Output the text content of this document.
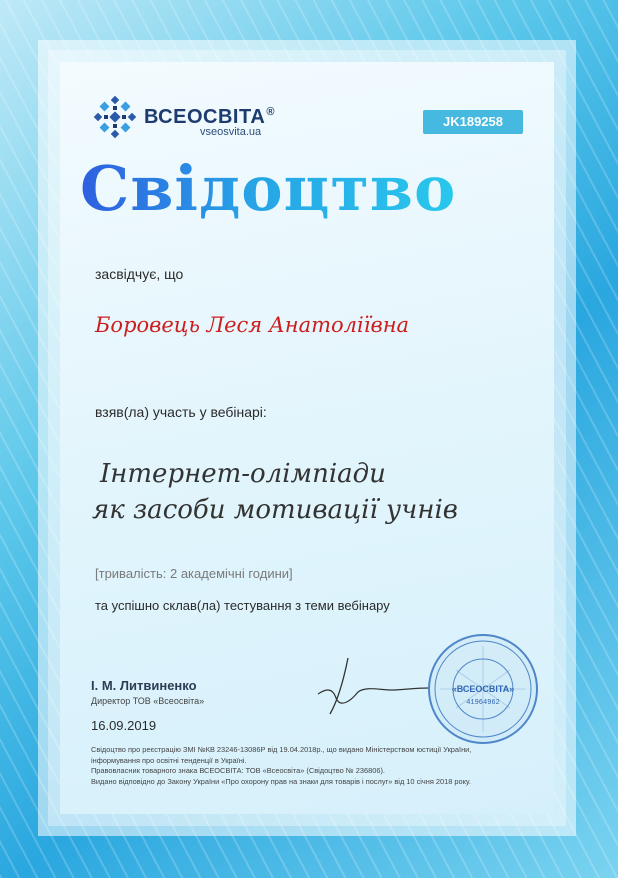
ВСЕОСВІТА®
vseosvita.ua
JK189258
Свідоцтво
засвідчує, що
Боровець Леся Анатоліївна
взяв(ла) участь у вебінарі:
Інтернет-олімпіади
як засоби мотивації учнів
[тривалість: 2 академічні години]
та успішно склав(ла) тестування з теми вебінару
І. М. Литвиненко
Директор ТОВ «Всеосвіта»
16.09.2019
«ВСЕОСВІТА»
41964962
Свідоцтво про реєстрацію ЗМІ №КВ 23246-13086Р від 19.04.2018р., що видано Міністерством юстиції України,
інформування про освітні тенденції в Україні.
Правовласник товарного знака ВСЕОСВІТА: ТОВ «Всеосвіта» (Свідоцтво № 236806).
Видано відповідно до Закону України «Про охорону прав на знаки для товарів і послуг» від 10 січня 2018 року.
